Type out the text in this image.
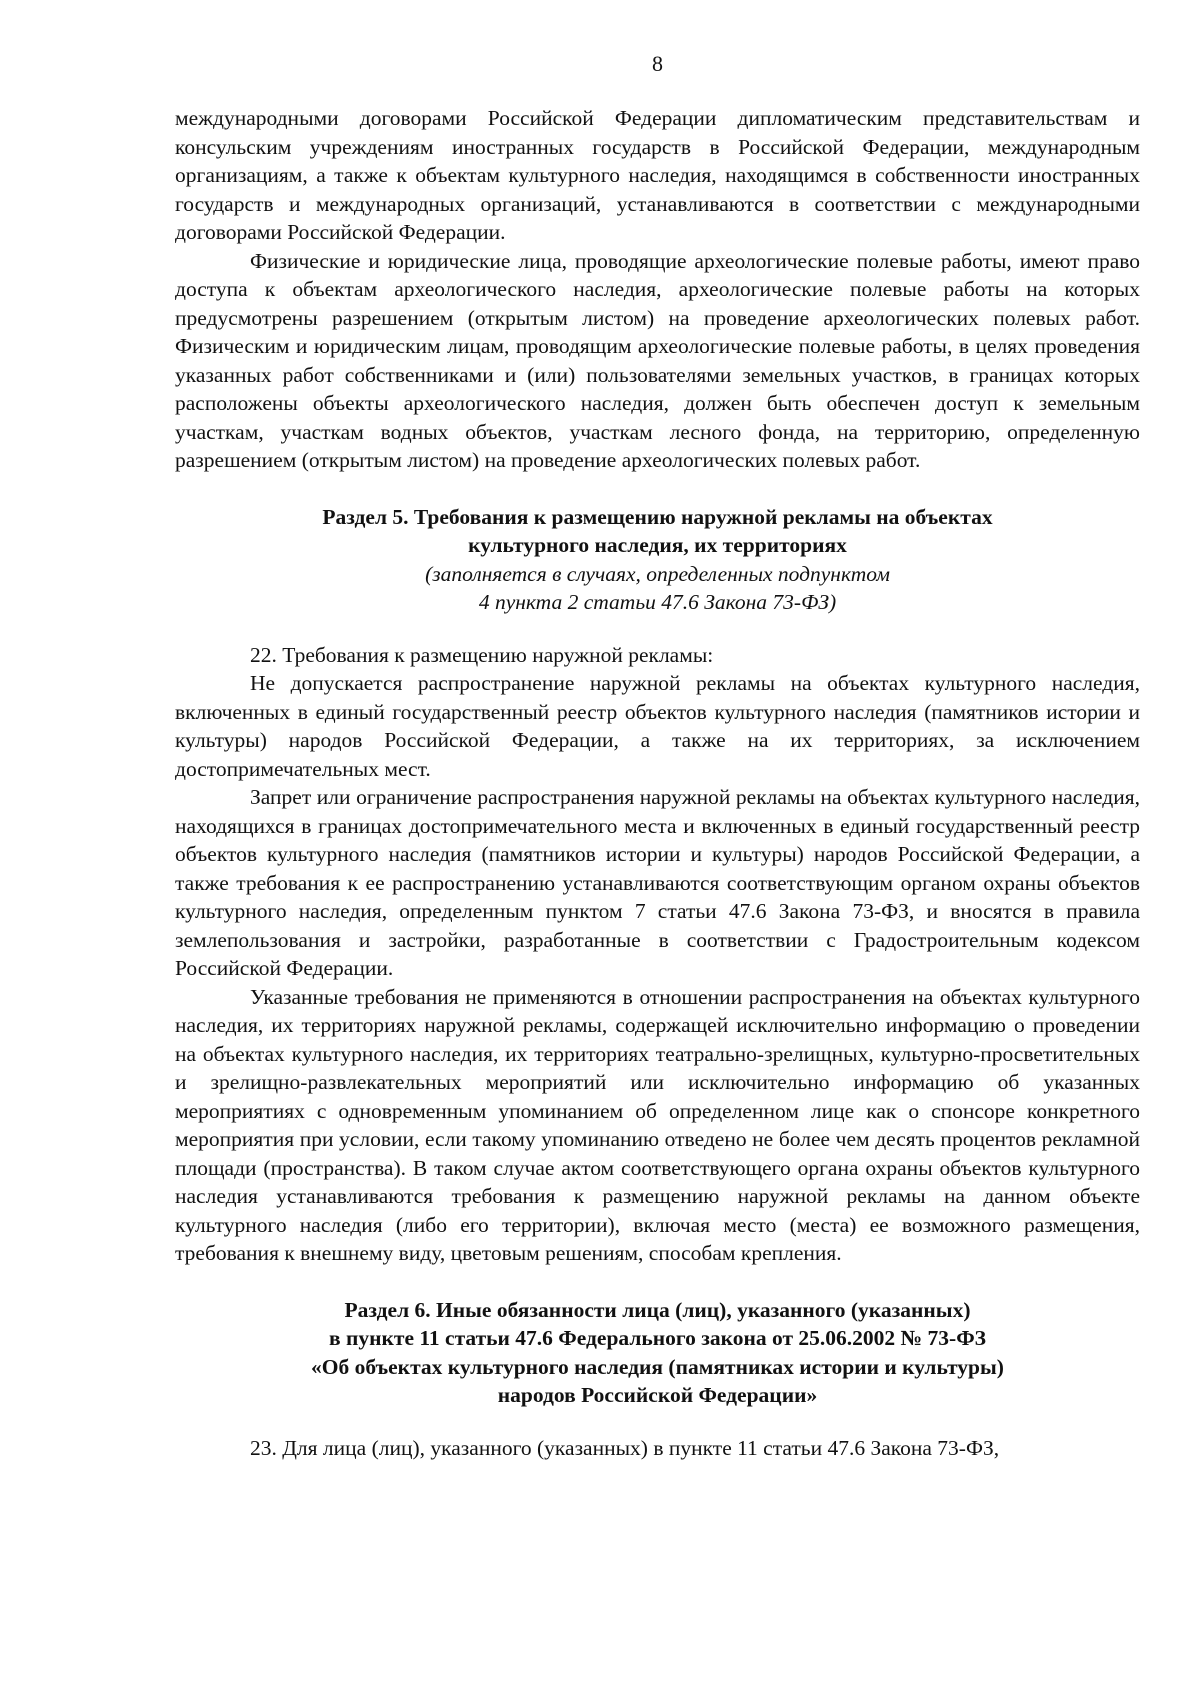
8

международными договорами Российской Федерации дипломатическим представительствам и консульским учреждениям иностранных государств в Российской Федерации, международным организациям, а также к объектам культурного наследия, находящимся в собственности иностранных государств и международных организаций, устанавливаются в соответствии с международными договорами Российской Федерации.

Физические и юридические лица, проводящие археологические полевые работы, имеют право доступа к объектам археологического наследия, археологические полевые работы на которых предусмотрены разрешением (открытым листом) на проведение археологических полевых работ. Физическим и юридическим лицам, проводящим археологические полевые работы, в целях проведения указанных работ собственниками и (или) пользователями земельных участков, в границах которых расположены объекты археологического наследия, должен быть обеспечен доступ к земельным участкам, участкам водных объектов, участкам лесного фонда, на территорию, определенную разрешением (открытым листом) на проведение археологических полевых работ.

Раздел 5. Требования к размещению наружной рекламы на объектах

культурного наследия, их территориях

(заполняется в случаях, определенных подпунктом

4 пункта 2 статьи 47.6 Закона 73-ФЗ)

22. Требования к размещению наружной рекламы:

Не допускается распространение наружной рекламы на объектах культурного наследия, включенных в единый государственный реестр объектов культурного наследия (памятников истории и культуры) народов Российской Федерации, а также на их территориях, за исключением достопримечательных мест.

Запрет или ограничение распространения наружной рекламы на объектах культурного наследия, находящихся в границах достопримечательного места и включенных в единый государственный реестр объектов культурного наследия (памятников истории и культуры) народов Российской Федерации, а также требования к ее распространению устанавливаются соответствующим органом охраны объектов культурного наследия, определенным пунктом 7 статьи 47.6 Закона 73-ФЗ, и вносятся в правила землепользования и застройки, разработанные в соответствии с Градостроительным кодексом Российской Федерации.

Указанные требования не применяются в отношении распространения на объектах культурного наследия, их территориях наружной рекламы, содержащей исключительно информацию о проведении на объектах культурного наследия, их территориях театрально-зрелищных, культурно-просветительных и зрелищно-развлекательных мероприятий или исключительно информацию об указанных мероприятиях с одновременным упоминанием об определенном лице как о спонсоре конкретного мероприятия при условии, если такому упоминанию отведено не более чем десять процентов рекламной площади (пространства). В таком случае актом соответствующего органа охраны объектов культурного наследия устанавливаются требования к размещению наружной рекламы на данном объекте культурного наследия (либо его территории), включая место (места) ее возможного размещения, требования к внешнему виду, цветовым решениям, способам крепления.

Раздел 6. Иные обязанности лица (лиц), указанного (указанных)

в пункте 11 статьи 47.6 Федерального закона от 25.06.2002 № 73-ФЗ

«Об объектах культурного наследия (памятниках истории и культуры)

народов Российской Федерации»

23. Для лица (лиц), указанного (указанных) в пункте 11 статьи 47.6 Закона 73-ФЗ,
